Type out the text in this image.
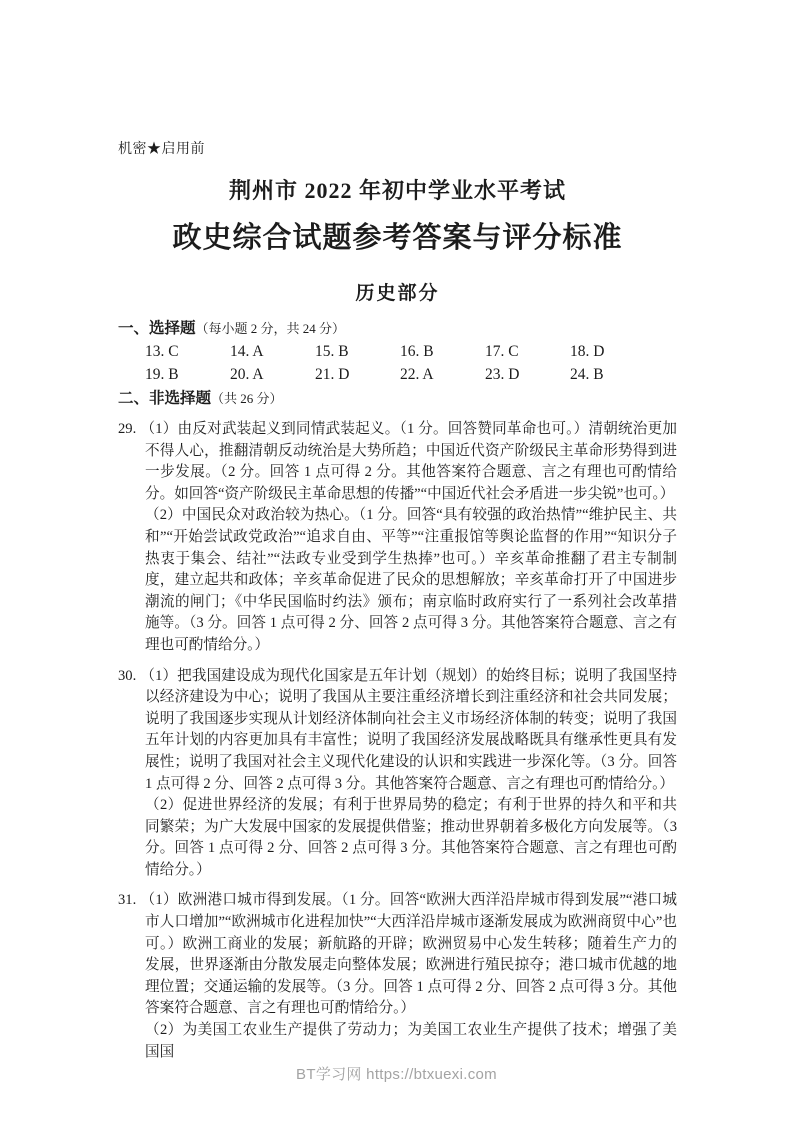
机密★启用前
荆州市 2022 年初中学业水平考试
政史综合试题参考答案与评分标准
历史部分
一、选择题（每小题 2 分，共 24 分）
13. C	14. A	15. B	16. B	17. C	18. D
19. B	20. A	21. D	22. A	23. D	24. B
二、非选择题（共 26 分）

29. （1）由反对武装起义到同情武装起义。（1 分。回答赞同革命也可。）清朝统治更加不得人心，推翻清朝反动统治是大势所趋；中国近代资产阶级民主革命形势得到进一步发展。（2 分。回答 1 点可得 2 分。其他答案符合题意、言之有理也可酌情给分。如回答“资产阶级民主革命思想的传播”“中国近代社会矛盾进一步尖锐”也可。）

（2）中国民众对政治较为热心。（1 分。回答“具有较强的政治热情”“维护民主、共和”“开始尝试政党政治”“追求自由、平等”“注重报馆等舆论监督的作用”“知识分子热衷于集会、结社”“法政专业受到学生热捧”也可。）辛亥革命推翻了君主专制制度，建立起共和政体；辛亥革命促进了民众的思想解放；辛亥革命打开了中国进步潮流的闸门；《中华民国临时约法》颁布；南京临时政府实行了一系列社会改革措施等。（3 分。回答 1 点可得 2 分、回答 2 点可得 3 分。其他答案符合题意、言之有理也可酌情给分。）

30. （1）把我国建设成为现代化国家是五年计划（规划）的始终目标；说明了我国坚持以经济建设为中心；说明了我国从主要注重经济增长到注重经济和社会共同发展；说明了我国逐步实现从计划经济体制向社会主义市场经济体制的转变；说明了我国五年计划的内容更加具有丰富性；说明了我国经济发展战略既具有继承性更具有发展性；说明了我国对社会主义现代化建设的认识和实践进一步深化等。（3 分。回答 1 点可得 2 分、回答 2 点可得 3 分。其他答案符合题意、言之有理也可酌情给分。）

（2）促进世界经济的发展；有利于世界局势的稳定；有利于世界的持久和平和共同繁荣；为广大发展中国家的发展提供借鉴；推动世界朝着多极化方向发展等。（3 分。回答 1 点可得 2 分、回答 2 点可得 3 分。其他答案符合题意、言之有理也可酌情给分。）

31. （1）欧洲港口城市得到发展。（1 分。回答“欧洲大西洋沿岸城市得到发展”“港口城市人口增加”“欧洲城市化进程加快”“大西洋沿岸城市逐渐发展成为欧洲商贸中心”也可。）欧洲工商业的发展；新航路的开辟；欧洲贸易中心发生转移；随着生产力的发展，世界逐渐由分散发展走向整体发展；欧洲进行殖民掠夺；港口城市优越的地理位置；交通运输的发展等。（3 分。回答 1 点可得 2 分、回答 2 点可得 3 分。其他答案符合题意、言之有理也可酌情给分。）

（2）为美国工农业生产提供了劳动力；为美国工农业生产提供了技术；增强了美国国

BT学习网 https://btxuexi.com
